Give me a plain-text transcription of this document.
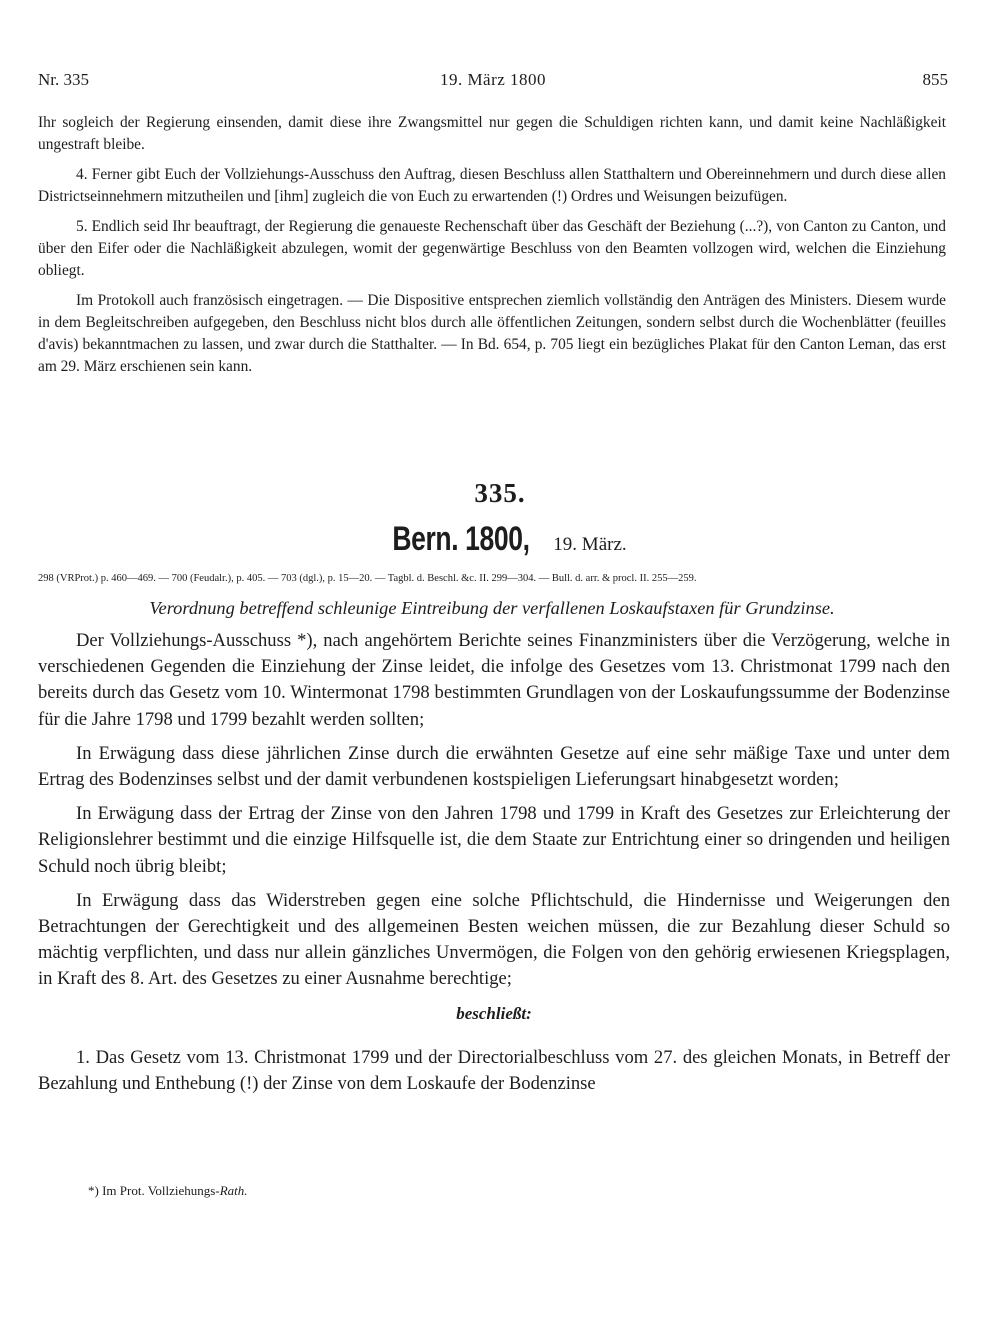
Nr. 335	19. März 1800	855

Ihr sogleich der Regierung einsenden, damit diese ihre Zwangsmittel nur gegen die Schuldigen richten kann, und damit keine Nachläßigkeit ungestraft bleibe.

4. Ferner gibt Euch der Vollziehungs-Ausschuss den Auftrag, diesen Beschluss allen Statthaltern und Obereinnehmern und durch diese allen Districtseinnehmern mitzutheilen und [ihm] zugleich die von Euch zu erwartenden (!) Ordres und Weisungen beizufügen.

5. Endlich seid Ihr beauftragt, der Regierung die genaueste Rechenschaft über das Geschäft der Beziehung (...?), von Canton zu Canton, und über den Eifer oder die Nachläßigkeit abzulegen, womit der gegenwärtige Beschluss von den Beamten vollzogen wird, welchen die Einziehung obliegt.

Im Protokoll auch französisch eingetragen. — Die Dispositive entsprechen ziemlich vollständig den Anträgen des Ministers. Diesem wurde in dem Begleitschreiben aufgegeben, den Beschluss nicht blos durch alle öffentlichen Zeitungen, sondern selbst durch die Wochenblätter (feuilles d'avis) bekanntmachen zu lassen, und zwar durch die Statthalter. — In Bd. 654, p. 705 liegt ein bezügliches Plakat für den Canton Leman, das erst am 29. März erschienen sein kann.

335.
Bern. 1800, 19. März.
298 (VRProt.) p. 460—469. — 700 (Feudalr.), p. 405. — 703 (dgl.), p. 15—20. — Tagbl. d. Beschl. &c. II. 299—304. — Bull. d. arr. & procl. II. 255—259.
Verordnung betreffend schleunige Eintreibung der verfallenen Loskaufstaxen für Grundzinse.

Der Vollziehungs-Ausschuss *), nach angehörtem Berichte seines Finanzministers über die Verzögerung, welche in verschiedenen Gegenden die Einziehung der Zinse leidet, die infolge des Gesetzes vom 13. Christmonat 1799 nach den bereits durch das Gesetz vom 10. Wintermonat 1798 bestimmten Grundlagen von der Loskaufungssumme der Bodenzinse für die Jahre 1798 und 1799 bezahlt werden sollten;

In Erwägung dass diese jährlichen Zinse durch die erwähnten Gesetze auf eine sehr mäßige Taxe und unter dem Ertrag des Bodenzinses selbst und der damit verbundenen kostspieligen Lieferungsart hinabgesetzt worden;

In Erwägung dass der Ertrag der Zinse von den Jahren 1798 und 1799 in Kraft des Gesetzes zur Erleichterung der Religionslehrer bestimmt und die einzige Hilfsquelle ist, die dem Staate zur Entrichtung einer so dringenden und heiligen Schuld noch übrig bleibt;

In Erwägung dass das Widerstreben gegen eine solche Pflichtschuld, die Hindernisse und Weigerungen den Betrachtungen der Gerechtigkeit und des allgemeinen Besten weichen müssen, die zur Bezahlung dieser Schuld so mächtig verpflichten, und dass nur allein gänzliches Unvermögen, die Folgen von den gehörig erwiesenen Kriegsplagen, in Kraft des 8. Art. des Gesetzes zu einer Ausnahme berechtige;

beschließt:

1. Das Gesetz vom 13. Christmonat 1799 und der Directorialbeschluss vom 27. des gleichen Monats, in Betreff der Bezahlung und Enthebung (!) der Zinse von dem Loskaufe der Bodenzinse

*) Im Prot. Vollziehungs-Rath.
